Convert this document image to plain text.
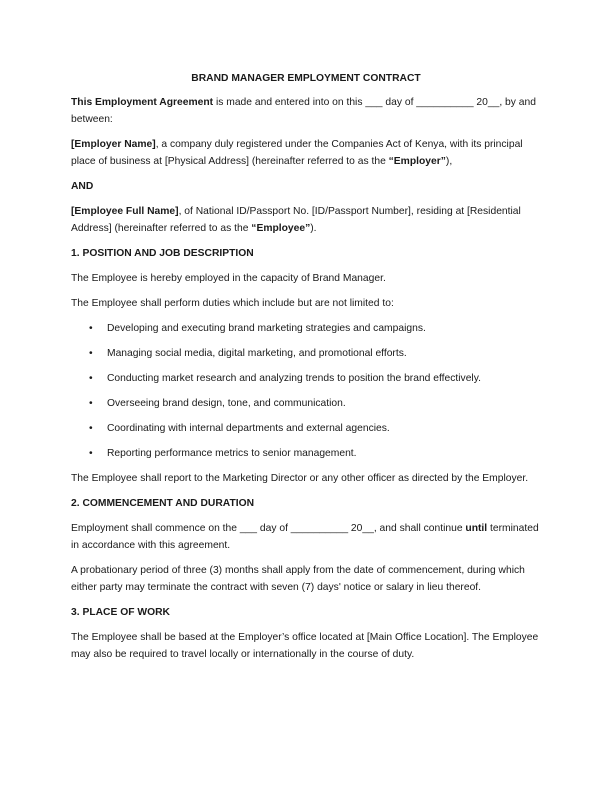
BRAND MANAGER EMPLOYMENT CONTRACT

This Employment Agreement is made and entered into on this ___ day of __________ 20__, by and between:

[Employer Name], a company duly registered under the Companies Act of Kenya, with its principal place of business at [Physical Address] (hereinafter referred to as the “Employer”),

AND

[Employee Full Name], of National ID/Passport No. [ID/Passport Number], residing at [Residential Address] (hereinafter referred to as the “Employee”).

1. POSITION AND JOB DESCRIPTION

The Employee is hereby employed in the capacity of Brand Manager.

The Employee shall perform duties which include but are not limited to:

• Developing and executing brand marketing strategies and campaigns.
• Managing social media, digital marketing, and promotional efforts.
• Conducting market research and analyzing trends to position the brand effectively.
• Overseeing brand design, tone, and communication.
• Coordinating with internal departments and external agencies.
• Reporting performance metrics to senior management.

The Employee shall report to the Marketing Director or any other officer as directed by the Employer.

2. COMMENCEMENT AND DURATION

Employment shall commence on the ___ day of __________ 20__, and shall continue until terminated in accordance with this agreement.

A probationary period of three (3) months shall apply from the date of commencement, during which either party may terminate the contract with seven (7) days' notice or salary in lieu thereof.

3. PLACE OF WORK

The Employee shall be based at the Employer’s office located at [Main Office Location]. The Employee may also be required to travel locally or internationally in the course of duty.
